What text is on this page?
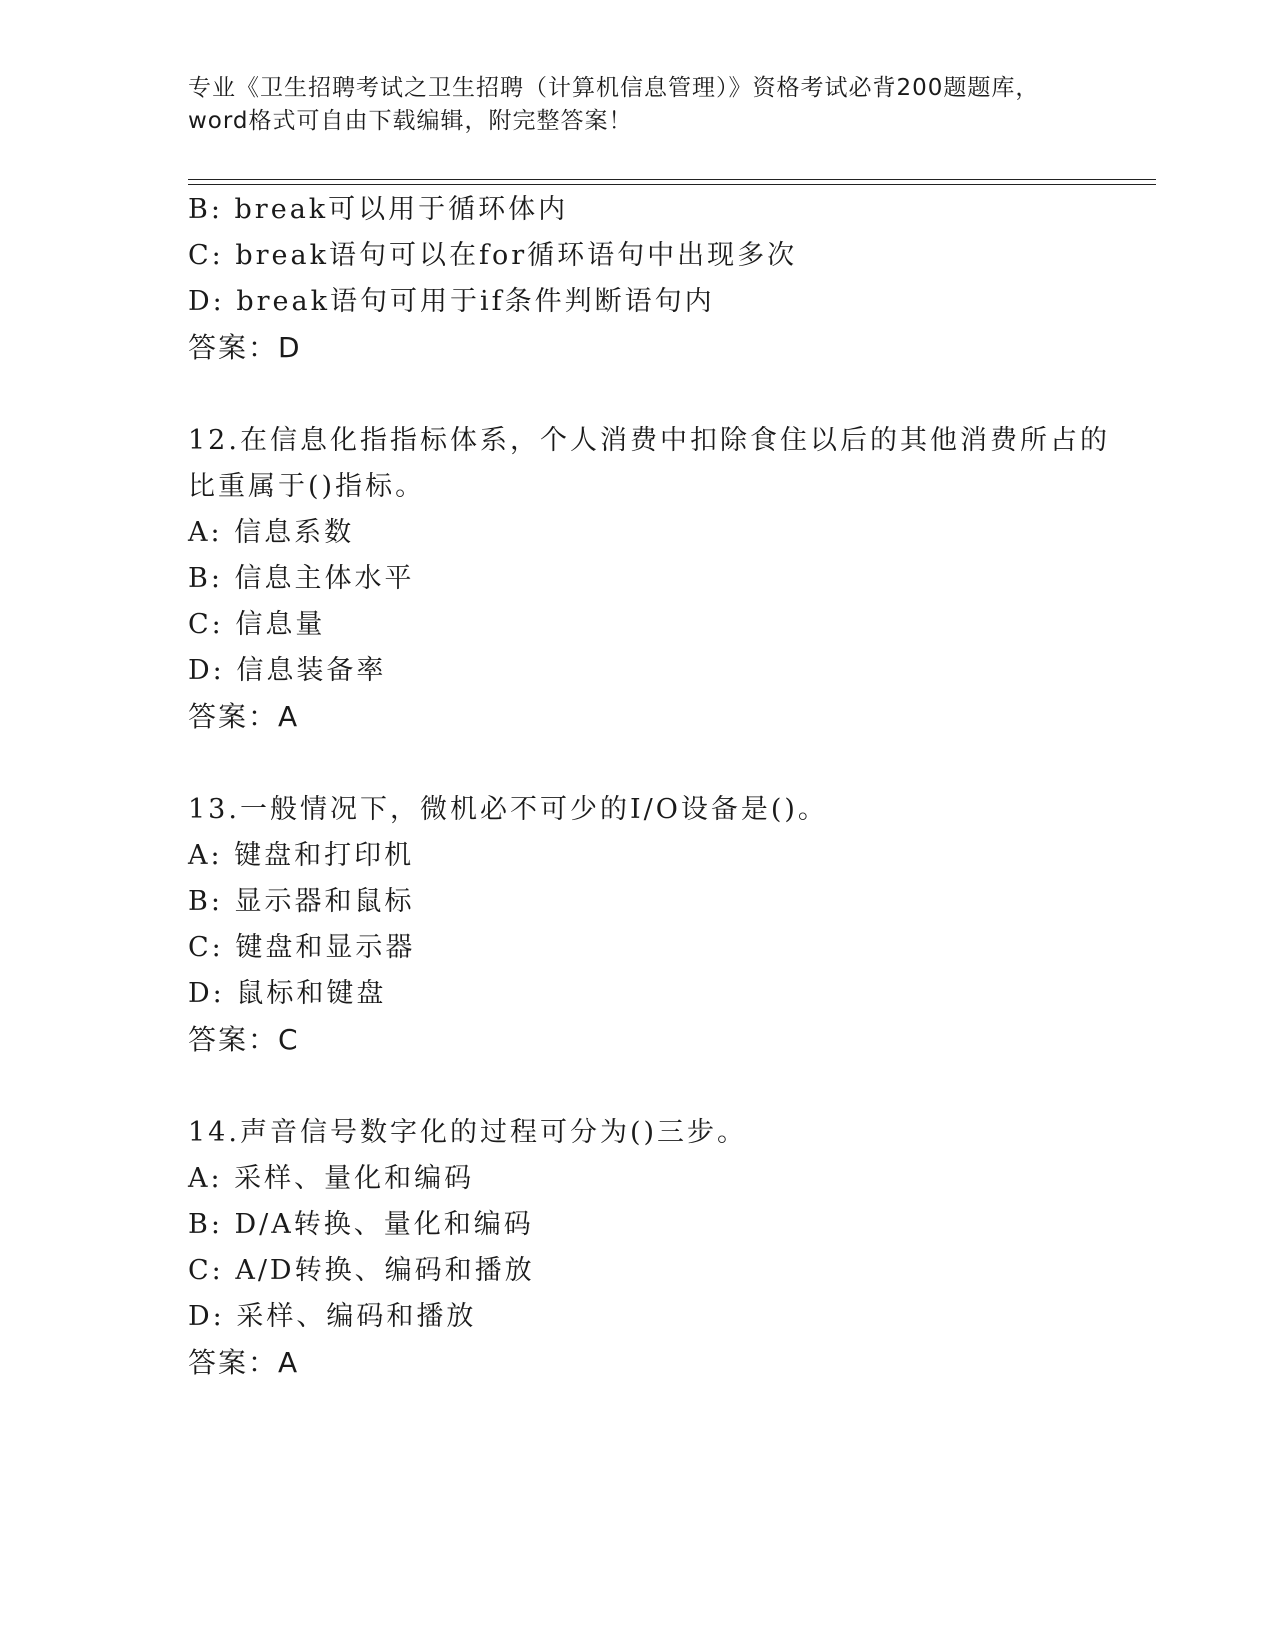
专业《卫生招聘考试之卫生招聘（计算机信息管理）》资格考试必背200题题库，
word格式可自由下载编辑，附完整答案！
B: break可以用于循环体内
C: break语句可以在for循环语句中出现多次
D: break语句可用于if条件判断语句内
答案：D
12.在信息化指指标体系，个人消费中扣除食住以后的其他消费所占的
比重属于()指标。
A: 信息系数
B: 信息主体水平
C: 信息量
D: 信息装备率
答案：A
13.一般情况下，微机必不可少的I/O设备是()。
A: 键盘和打印机
B: 显示器和鼠标
C: 键盘和显示器
D: 鼠标和键盘
答案：C
14.声音信号数字化的过程可分为()三步。
A: 采样、量化和编码
B: D/A转换、量化和编码
C: A/D转换、编码和播放
D: 采样、编码和播放
答案：A
